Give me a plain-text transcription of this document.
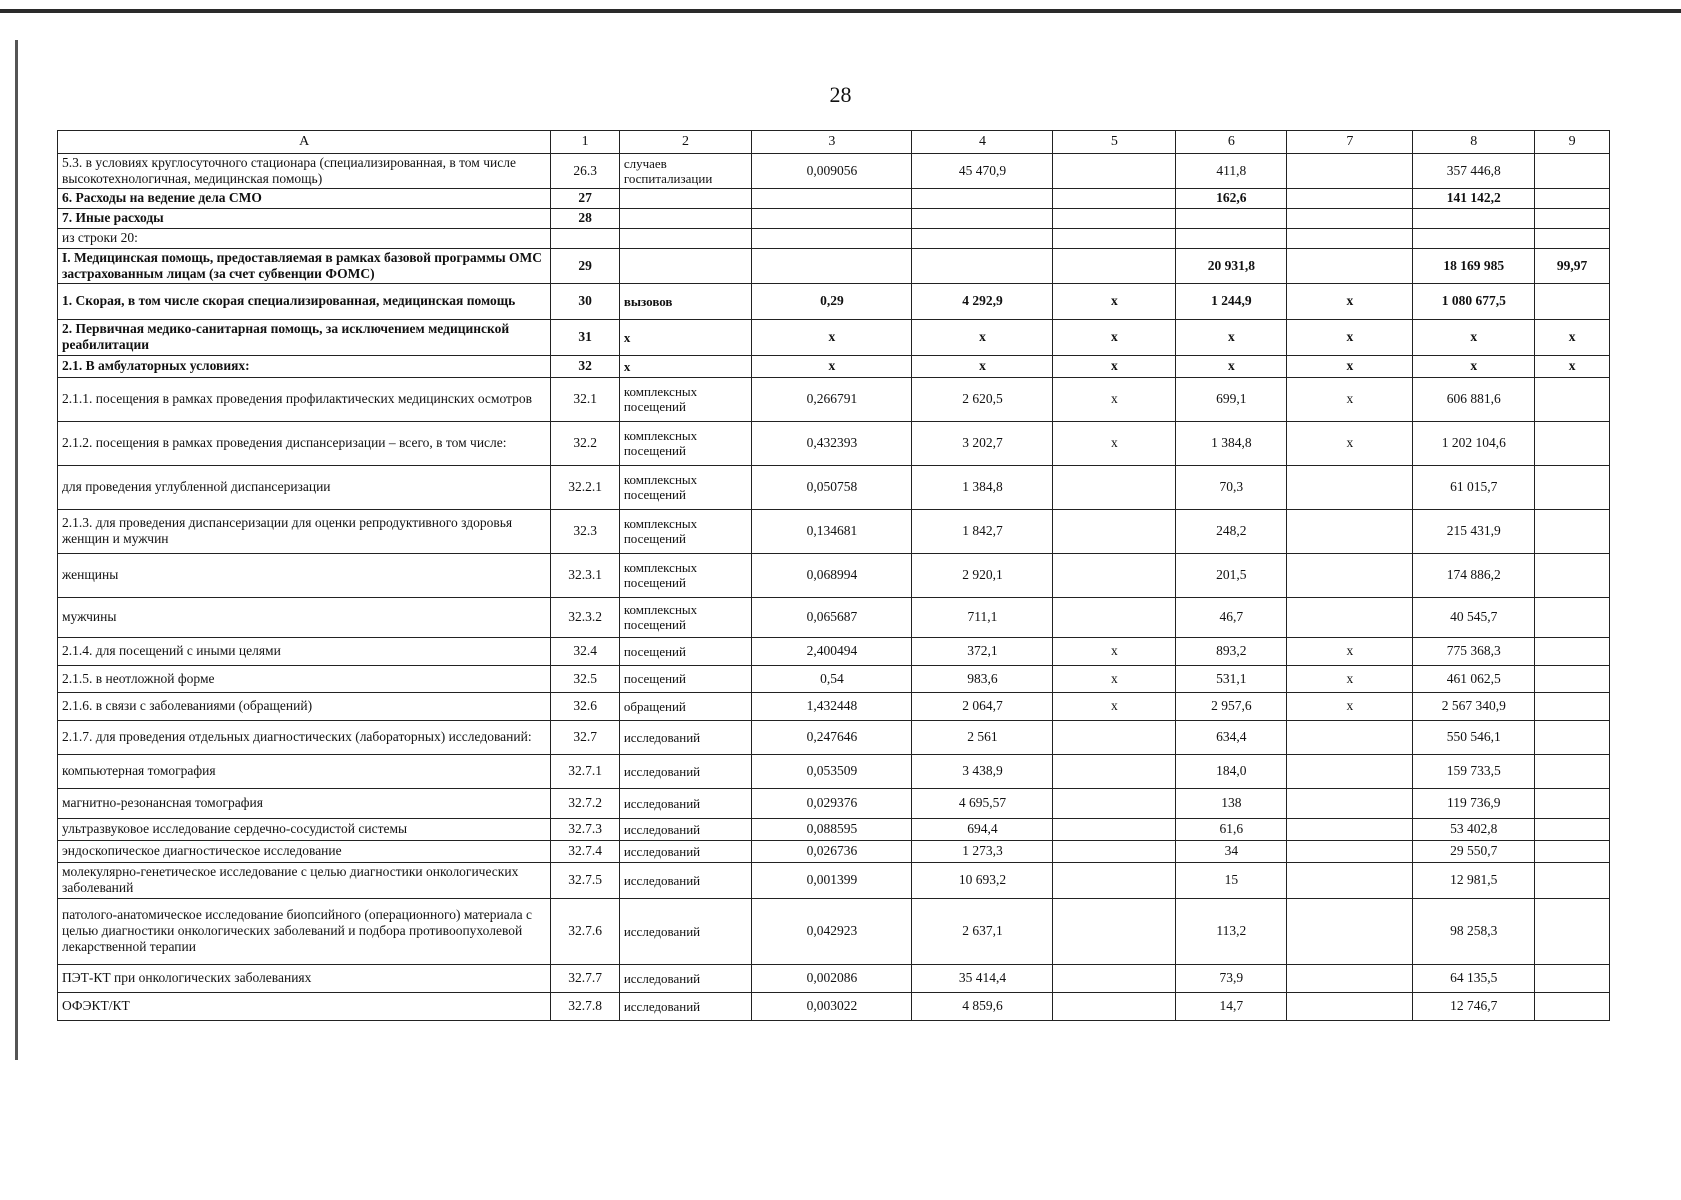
28
A	1	2	3	4	5	6	7	8	9
5.3. в условиях круглосуточного стационара (специализированная, в том числе высокотехнологичная, медицинская помощь)	26.3	случаев госпитализации	0,009056	45 470,9		411,8		357 446,8	
6. Расходы на ведение дела СМО	27					162,6		141 142,2	
7. Иные расходы	28								
из строки 20:									
I. Медицинская помощь, предоставляемая в рамках базовой программы ОМС застрахованным лицам (за счет субвенции ФОМС)	29					20 931,8		18 169 985	99,97
1. Скорая, в том числе скорая специализированная, медицинская помощь	30	вызовов	0,29	4 292,9	x	1 244,9	x	1 080 677,5	
2. Первичная медико-санитарная помощь, за исключением медицинской реабилитации	31	x	x	x	x	x	x	x	x
2.1. В амбулаторных условиях:	32	x	x	x	x	x	x	x	x
2.1.1. посещения в рамках проведения профилактических медицинских осмотров	32.1	комплексных посещений	0,266791	2 620,5	x	699,1	x	606 881,6	
2.1.2. посещения в рамках проведения диспансеризации – всего, в том числе:	32.2	комплексных посещений	0,432393	3 202,7	x	1 384,8	x	1 202 104,6	
для проведения углубленной диспансеризации	32.2.1	комплексных посещений	0,050758	1 384,8		70,3		61 015,7	
2.1.3. для проведения диспансеризации для оценки репродуктивного здоровья женщин и мужчин	32.3	комплексных посещений	0,134681	1 842,7		248,2		215 431,9	
женщины	32.3.1	комплексных посещений	0,068994	2 920,1		201,5		174 886,2	
мужчины	32.3.2	комплексных посещений	0,065687	711,1		46,7		40 545,7	
2.1.4. для посещений с иными целями	32.4	посещений	2,400494	372,1	x	893,2	x	775 368,3	
2.1.5. в неотложной форме	32.5	посещений	0,54	983,6	x	531,1	x	461 062,5	
2.1.6. в связи с заболеваниями (обращений)	32.6	обращений	1,432448	2 064,7	x	2 957,6	x	2 567 340,9	
2.1.7. для проведения отдельных диагностических (лабораторных) исследований:	32.7	исследований	0,247646	2 561		634,4		550 546,1	
компьютерная томография	32.7.1	исследований	0,053509	3 438,9		184,0		159 733,5	
магнитно-резонансная томография	32.7.2	исследований	0,029376	4 695,57		138		119 736,9	
ультразвуковое исследование сердечно-сосудистой системы	32.7.3	исследований	0,088595	694,4		61,6		53 402,8	
эндоскопическое диагностическое исследование	32.7.4	исследований	0,026736	1 273,3		34		29 550,7	
молекулярно-генетическое исследование с целью диагностики онкологических заболеваний	32.7.5	исследований	0,001399	10 693,2		15		12 981,5	
патолого-анатомическое исследование биопсийного (операционного) материала с целью диагностики онкологических заболеваний и подбора противоопухолевой лекарственной терапии	32.7.6	исследований	0,042923	2 637,1		113,2		98 258,3	
ПЭТ-КТ при онкологических заболеваниях	32.7.7	исследований	0,002086	35 414,4		73,9		64 135,5	
ОФЭКТ/КТ	32.7.8	исследований	0,003022	4 859,6		14,7		12 746,7	
